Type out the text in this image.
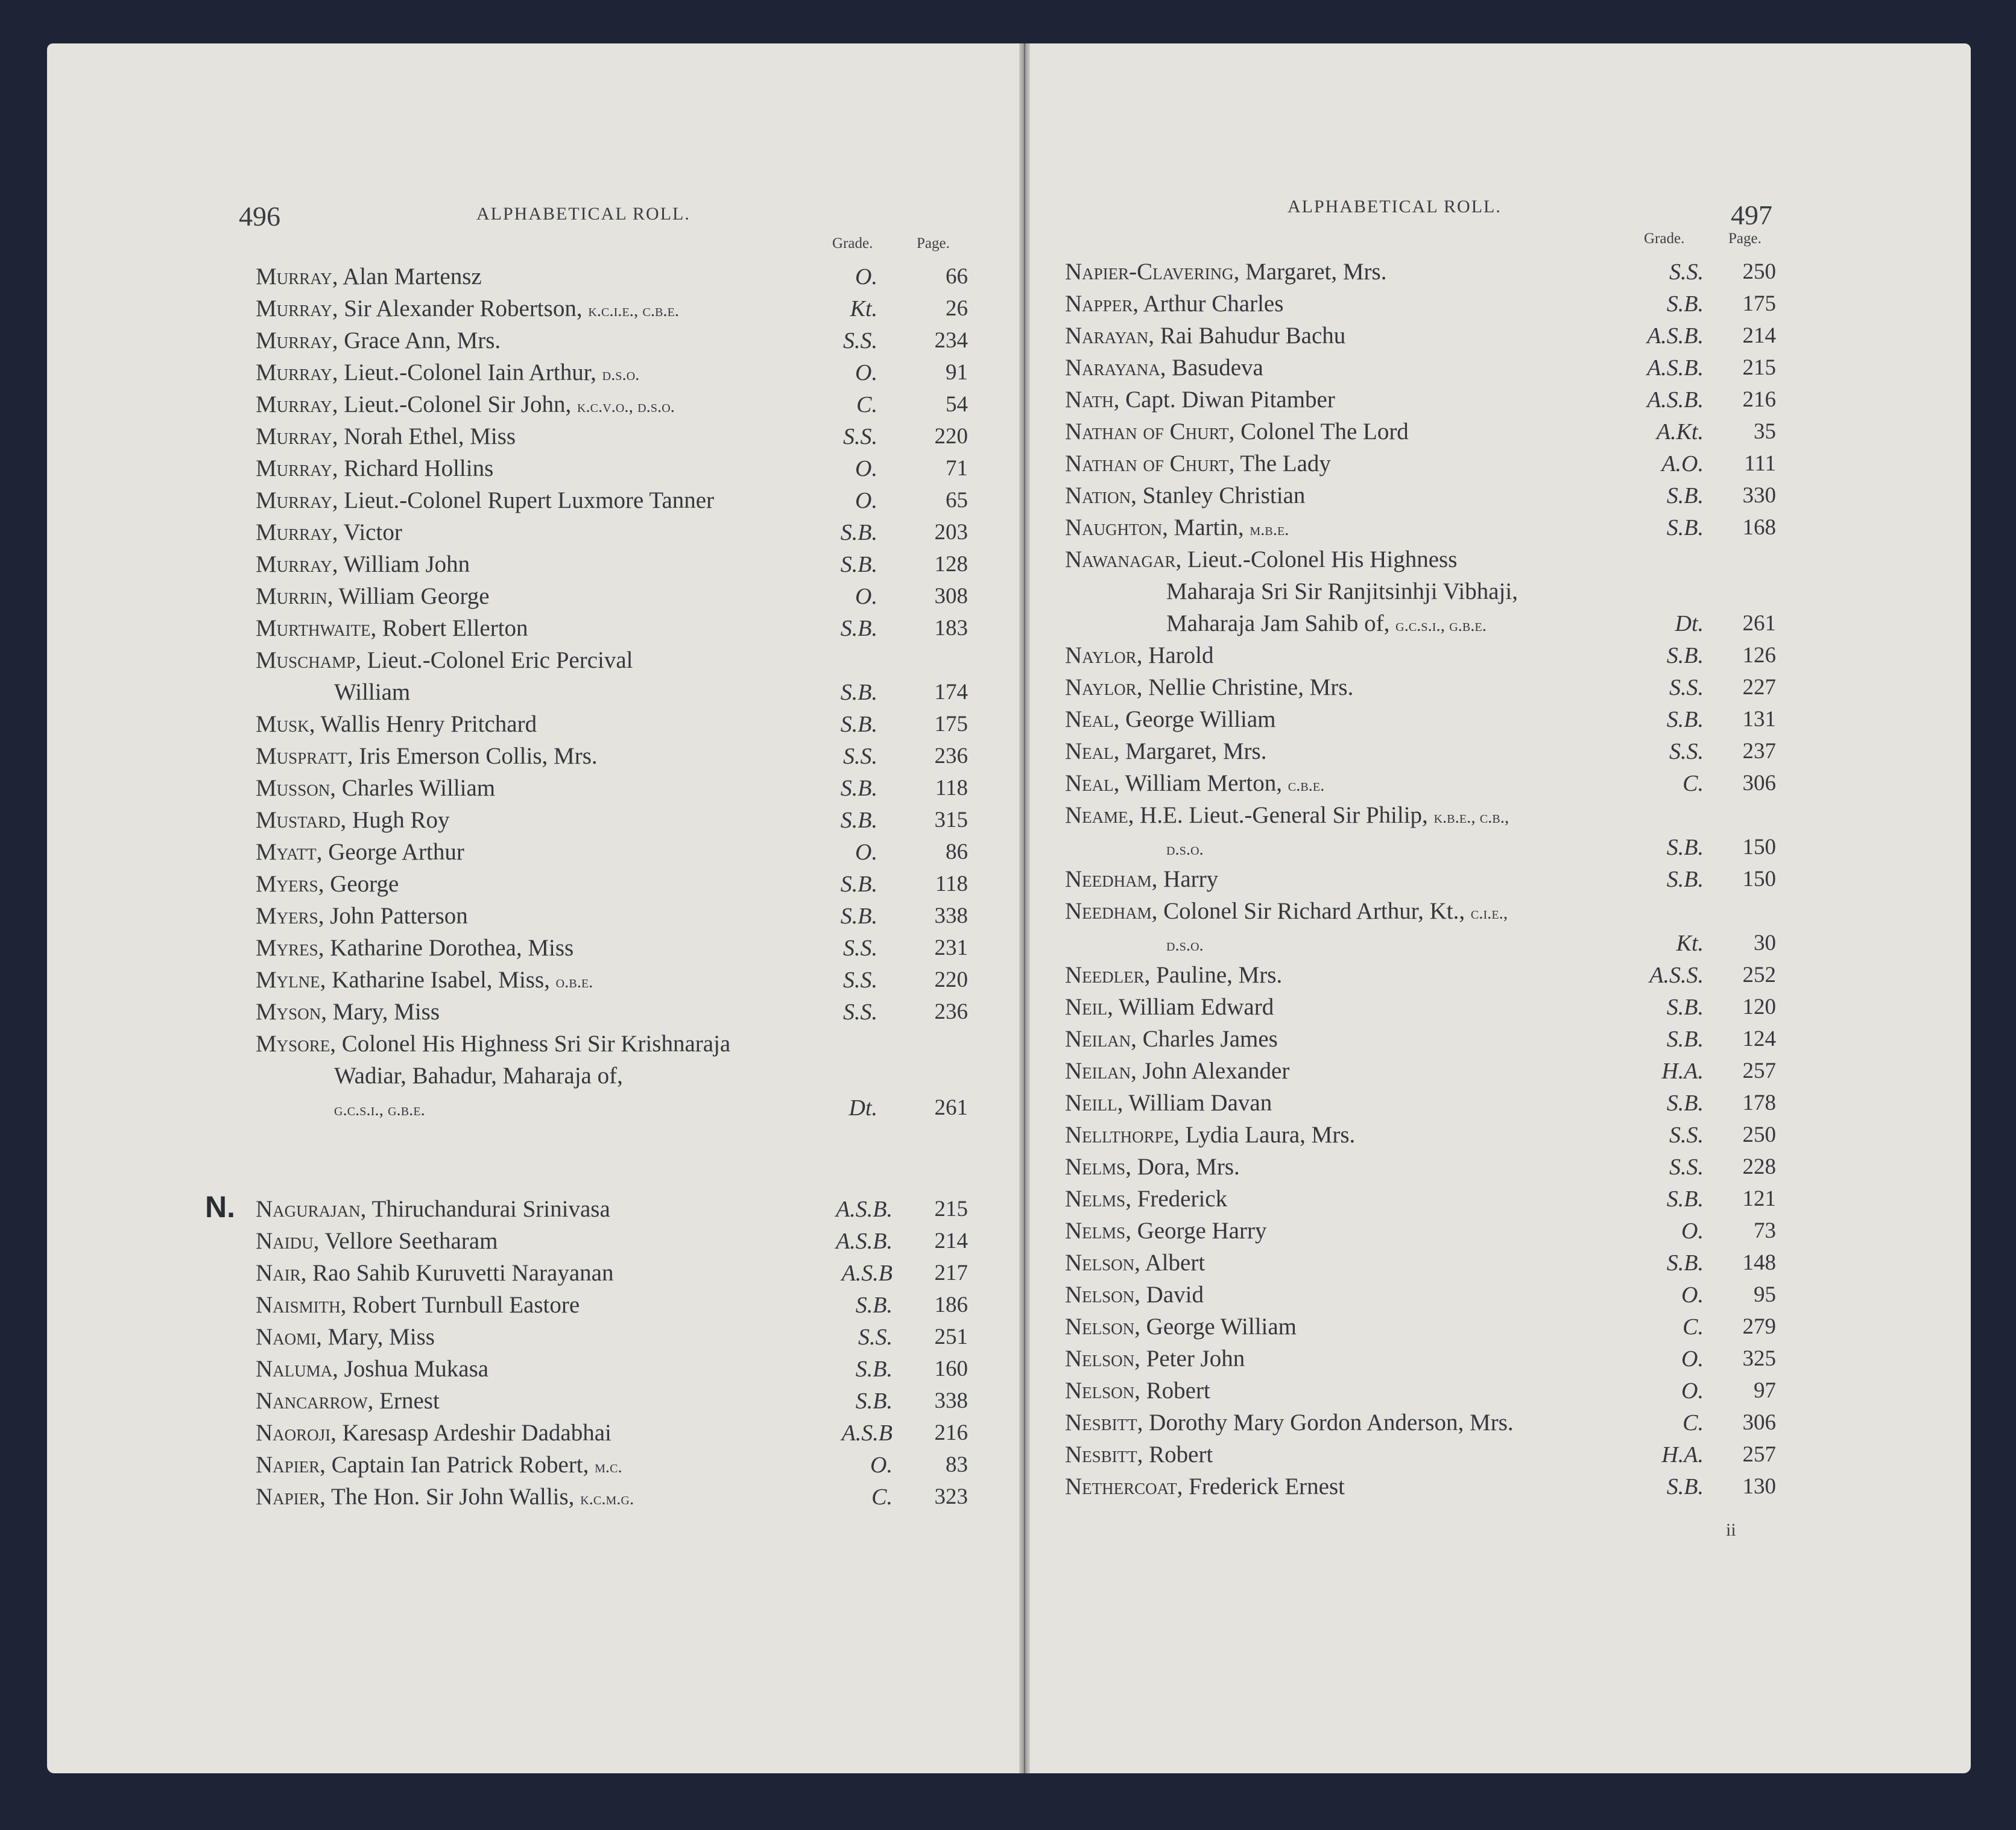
496	ALPHABETICAL ROLL.
Grade.	Page.
ALPHABETICAL ROLL.	497
Grade.	Page.
N.
ii
Murray, Alan Martensz	O.	66
Murray, Sir Alexander Robertson, k.c.i.e., c.b.e.	Kt.	26
Murray, Grace Ann, Mrs.	S.S.	234
Murray, Lieut.-Colonel Iain Arthur, d.s.o.	O.	91
Murray, Lieut.-Colonel Sir John, k.c.v.o., d.s.o.	C.	54
Murray, Norah Ethel, Miss	S.S.	220
Murray, Richard Hollins	O.	71
Murray, Lieut.-Colonel Rupert Luxmore Tanner	O.	65
Murray, Victor	S.B.	203
Murray, William John	S.B.	128
Murrin, William George	O.	308
Murthwaite, Robert Ellerton	S.B.	183
Muschamp, Lieut.-Colonel Eric Percival
William	S.B.	174
Musk, Wallis Henry Pritchard	S.B.	175
Muspratt, Iris Emerson Collis, Mrs.	S.S.	236
Musson, Charles William	S.B.	118
Mustard, Hugh Roy	S.B.	315
Myatt, George Arthur	O.	86
Myers, George	S.B.	118
Myers, John Patterson	S.B.	338
Myres, Katharine Dorothea, Miss	S.S.	231
Mylne, Katharine Isabel, Miss, o.b.e.	S.S.	220
Myson, Mary, Miss	S.S.	236
Mysore, Colonel His Highness Sri Sir Krishnaraja
Wadiar, Bahadur, Maharaja of,
g.c.s.i., g.b.e.	Dt.	261
Nagurajan, Thiruchandurai Srinivasa	A.S.B.	215
Naidu, Vellore Seetharam	A.S.B.	214
Nair, Rao Sahib Kuruvetti Narayanan	A.S.B	217
Naismith, Robert Turnbull Eastore	S.B.	186
Naomi, Mary, Miss	S.S.	251
Naluma, Joshua Mukasa	S.B.	160
Nancarrow, Ernest	S.B.	338
Naoroji, Karesasp Ardeshir Dadabhai	A.S.B	216
Napier, Captain Ian Patrick Robert, m.c.	O.	83
Napier, The Hon. Sir John Wallis, k.c.m.g.	C.	323
Napier-Clavering, Margaret, Mrs.	S.S.	250
Napper, Arthur Charles	S.B.	175
Narayan, Rai Bahudur Bachu	A.S.B.	214
Narayana, Basudeva	A.S.B.	215
Nath, Capt. Diwan Pitamber	A.S.B.	216
Nathan of Churt, Colonel The Lord	A.Kt.	35
Nathan of Churt, The Lady	A.O.	111
Nation, Stanley Christian	S.B.	330
Naughton, Martin, m.b.e.	S.B.	168
Nawanagar, Lieut.-Colonel His Highness
Maharaja Sri Sir Ranjitsinhji Vibhaji,
Maharaja Jam Sahib of, g.c.s.i., g.b.e.	Dt.	261
Naylor, Harold	S.B.	126
Naylor, Nellie Christine, Mrs.	S.S.	227
Neal, George William	S.B.	131
Neal, Margaret, Mrs.	S.S.	237
Neal, William Merton, c.b.e.	C.	306
Neame, H.E. Lieut.-General Sir Philip, k.b.e., c.b.,
d.s.o.	S.B.	150
Needham, Harry	S.B.	150
Needham, Colonel Sir Richard Arthur, Kt., c.i.e.,
d.s.o.	Kt.	30
Needler, Pauline, Mrs.	A.S.S.	252
Neil, William Edward	S.B.	120
Neilan, Charles James	S.B.	124
Neilan, John Alexander	H.A.	257
Neill, William Davan	S.B.	178
Nellthorpe, Lydia Laura, Mrs.	S.S.	250
Nelms, Dora, Mrs.	S.S.	228
Nelms, Frederick	S.B.	121
Nelms, George Harry	O.	73
Nelson, Albert	S.B.	148
Nelson, David	O.	95
Nelson, George William	C.	279
Nelson, Peter John	O.	325
Nelson, Robert	O.	97
Nesbitt, Dorothy Mary Gordon Anderson, Mrs.	C.	306
Nesbitt, Robert	H.A.	257
Nethercoat, Frederick Ernest	S.B.	130
